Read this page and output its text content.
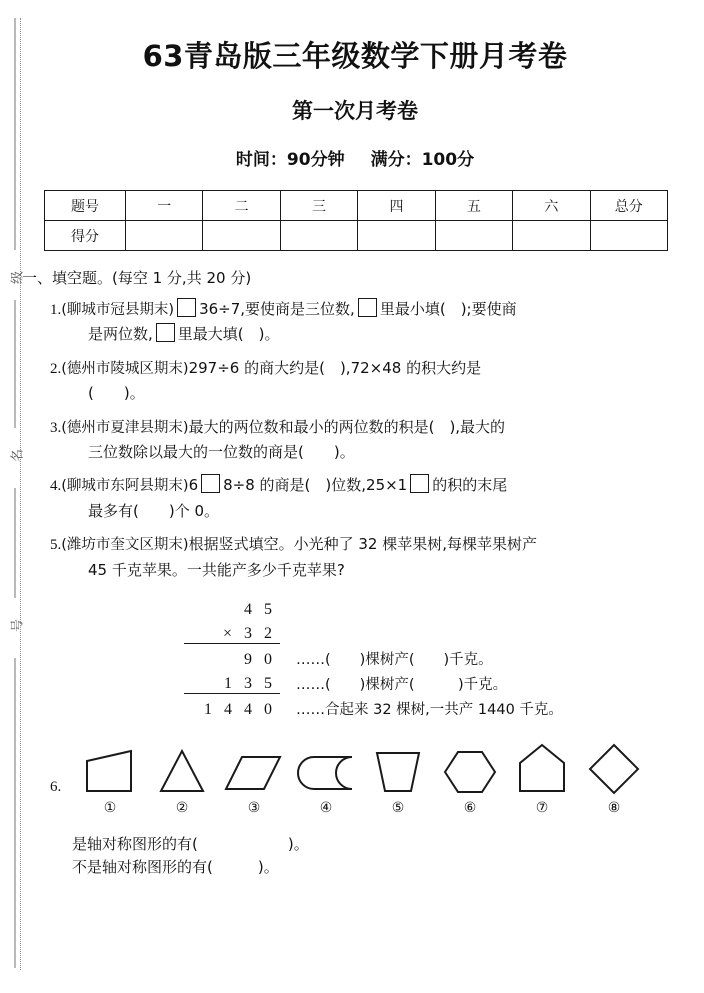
级
名
号
63青岛版三年级数学下册月考卷
第一次月考卷
时间：90分钟 满分：100分
题号	一	二	三	四	五	六	总分
得分							
一、填空题。(每空 1 分,共 20 分)
1.(聊城市冠县期末) 36÷7,要使商是三位数, 里最小填(　);要使商
是两位数, 里最大填(　)。
2.(德州市陵城区期末)297÷6 的商大约是(　),72×48 的积大约是
(　　)。
3.(德州市夏津县期末)最大的两位数和最小的两位数的积是(　),最大的
三位数除以最大的一位数的商是(　　)。
4.(聊城市东阿县期末)6 8÷8 的商是(　)位数,25×1 的积的末尾
最多有(　　)个 0。
5.(潍坊市奎文区期末)根据竖式填空。小光种了 32 棵苹果树,每棵苹果树产
45 千克苹果。一共能产多少千克苹果?
4 5
× 3 2
9 0	……(　　)棵树产(　　)千克。
1 3 5	……(　　)棵树产(　　　)千克。
1 4 4 0	……合起来 32 棵树,一共产 1440 千克。
6.
①	②	③	④	⑤	⑥	⑦	⑧
是轴对称图形的有(　　　　　　)。
不是轴对称图形的有(　　　)。
